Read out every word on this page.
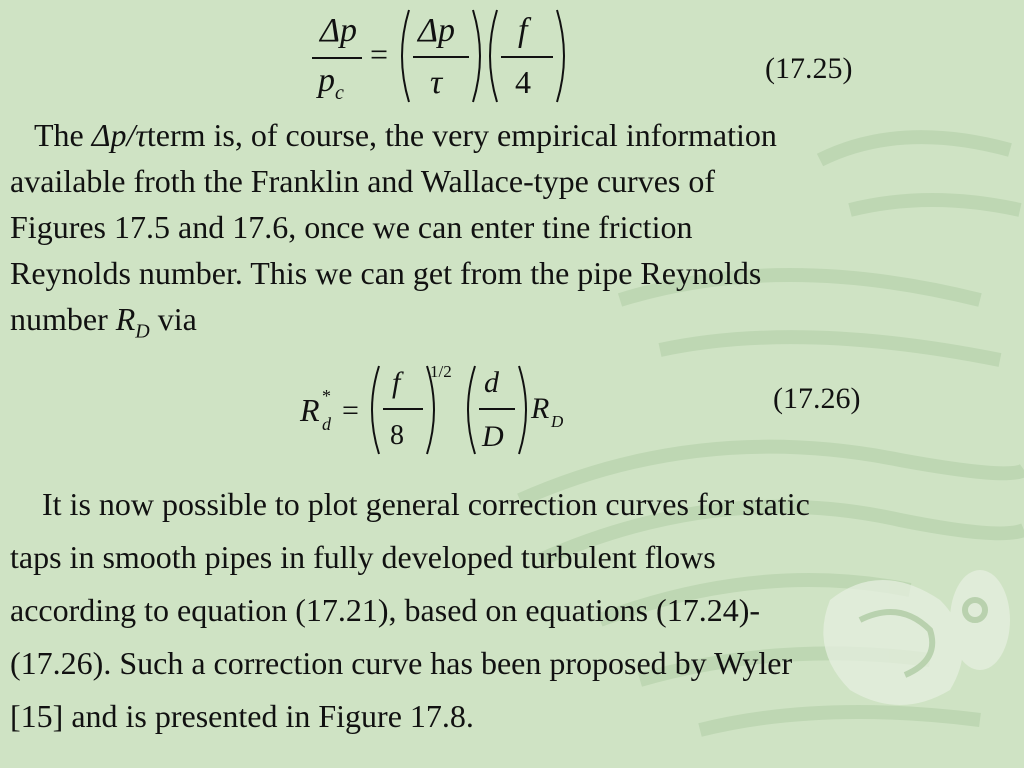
Δp
$p_c$
=
Δp
τ
f
4	(17.25)

The Δp/τterm is, of course, the very empirical information

available froth the Franklin and Wallace-type curves of

Figures 17.5 and 17.6, once we can enter tine friction

Reynolds number. This we can get from the pipe Reynolds

number $R_D$ via

R *
d =
f
8
1/2 d
D
R D
(17.26)

It is now possible to plot general correction curves for static

taps in smooth pipes in fully developed turbulent flows

according to equation (17.21), based on equations (17.24)-

(17.26). Such a correction curve has been proposed by Wyler

[15] and is presented in Figure 17.8.
